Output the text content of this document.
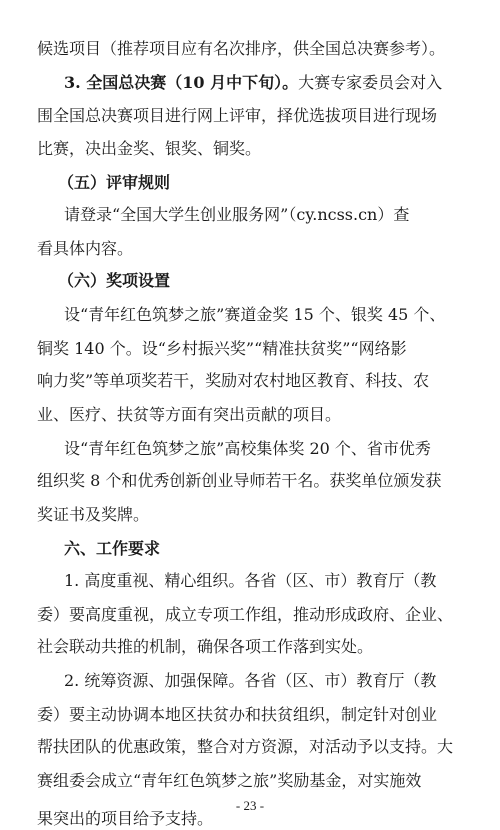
候选项目（推荐项目应有名次排序，供全国总决赛参考）。
3. 全国总决赛（10 月中下旬）。大赛专家委员会对入
围全国总决赛项目进行网上评审，择优选拔项目进行现场
比赛，决出金奖、银奖、铜奖。
（五）评审规则
请登录“全国大学生创业服务网”（cy.ncss.cn）查
看具体内容。
（六）奖项设置
设“青年红色筑梦之旅”赛道金奖 15 个、银奖 45 个、
铜奖 140 个。设“乡村振兴奖”“精准扶贫奖”“网络影
响力奖”等单项奖若干，奖励对农村地区教育、科技、农
业、医疗、扶贫等方面有突出贡献的项目。
设“青年红色筑梦之旅”高校集体奖 20 个、省市优秀
组织奖 8 个和优秀创新创业导师若干名。获奖单位颁发获
奖证书及奖牌。
六、工作要求
1. 高度重视、精心组织。各省（区、市）教育厅（教
委）要高度重视，成立专项工作组，推动形成政府、企业、
社会联动共推的机制，确保各项工作落到实处。
2. 统筹资源、加强保障。各省（区、市）教育厅（教
委）要主动协调本地区扶贫办和扶贫组织，制定针对创业
帮扶团队的优惠政策，整合对方资源，对活动予以支持。大
赛组委会成立“青年红色筑梦之旅”奖励基金，对实施效
果突出的项目给予支持。
- 23 -
